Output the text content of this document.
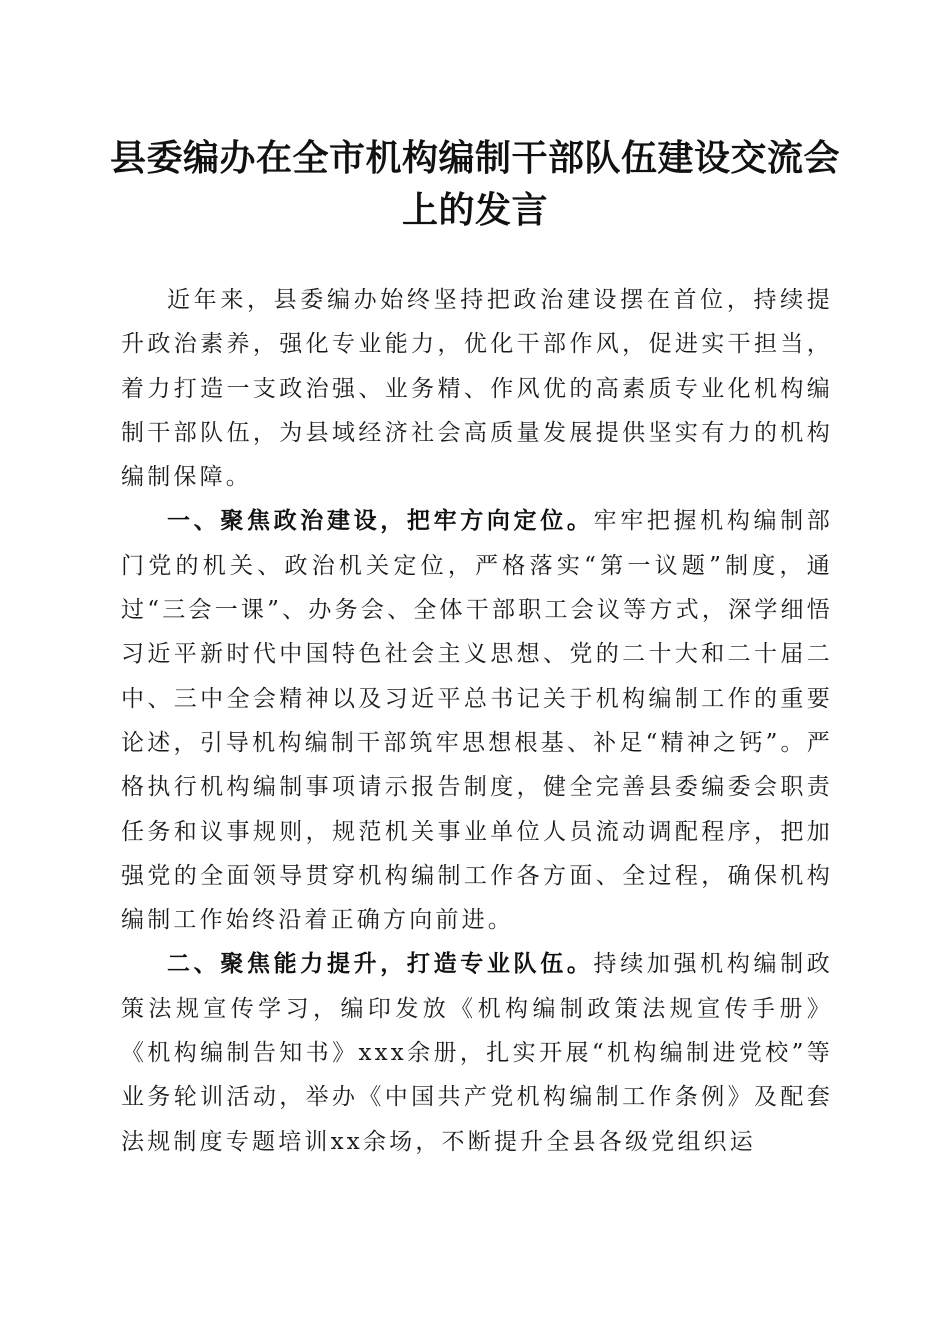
县委编办在全市机构编制干部队伍建设交流会上的发言

近年来，县委编办始终坚持把政治建设摆在首位，持续提升政治素养，强化专业能力，优化干部作风，促进实干担当，着力打造一支政治强、业务精、作风优的高素质专业化机构编制干部队伍，为县域经济社会高质量发展提供坚实有力的机构编制保障。

一、聚焦政治建设，把牢方向定位。牢牢把握机构编制部门党的机关、政治机关定位，严格落实“第一议题”制度，通过“三会一课”、办务会、全体干部职工会议等方式，深学细悟习近平新时代中国特色社会主义思想、党的二十大和二十届二中、三中全会精神以及习近平总书记关于机构编制工作的重要论述，引导机构编制干部筑牢思想根基、补足“精神之钙”。严格执行机构编制事项请示报告制度，健全完善县委编委会职责任务和议事规则，规范机关事业单位人员流动调配程序，把加强党的全面领导贯穿机构编制工作各方面、全过程，确保机构编制工作始终沿着正确方向前进。

二、聚焦能力提升，打造专业队伍。持续加强机构编制政策法规宣传学习，编印发放《机构编制政策法规宣传手册》《机构编制告知书》xxx余册，扎实开展“机构编制进党校”等业务轮训活动，举办《中国共产党机构编制工作条例》及配套法规制度专题培训xx余场，不断提升全县各级党组织运
